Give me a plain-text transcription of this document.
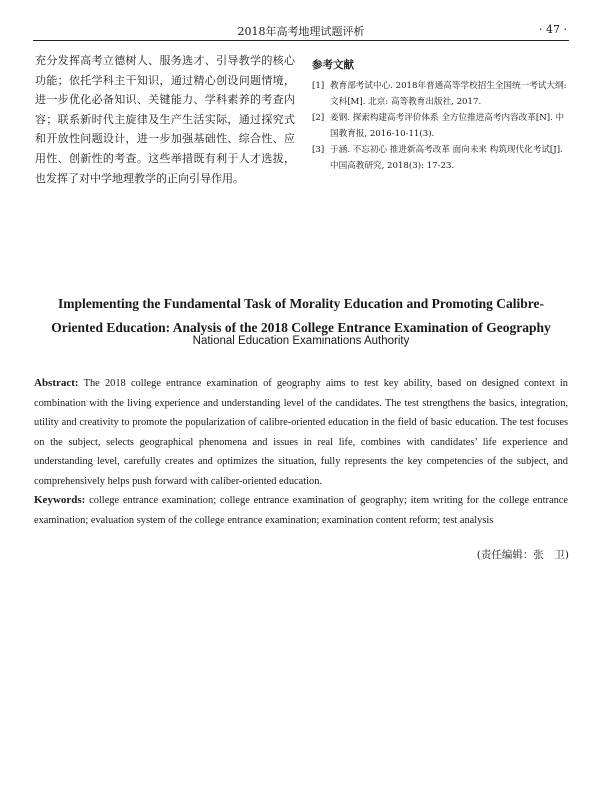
2018年高考地理试题评析	· 47 ·

充分发挥高考立德树人、服务选才、引导教学的核心功能；依托学科主干知识，通过精心创设问题情境，进一步优化必备知识、关键能力、学科素养的考查内容；联系新时代主旋律及生产生活实际，通过探究式和开放性问题设计，进一步加强基础性、综合性、应用性、创新性的考查。这些举措既有利于人才选拔，也发挥了对中学地理教学的正向引导作用。

参考文献
[1] 教育部考试中心. 2018年普通高等学校招生全国统一考试大纲: 文科[M]. 北京: 高等教育出版社, 2017.
[2] 姜钢. 探索构建高考评价体系 全方位推进高考内容改革[N]. 中国教育报, 2016-10-11(3).
[3] 于涵. 不忘初心 推进新高考改革 面向未来 构筑现代化考试[J]. 中国高教研究, 2018(3): 17-23.
Implementing the Fundamental Task of Morality Education and Promoting Calibre-
Oriented Education: Analysis of the 2018 College Entrance Examination of Geography
National Education Examinations Authority

Abstract: The 2018 college entrance examination of geography aims to test key ability, based on designed context in combination with the living experience and understanding level of the candidates. The test strengthens the basics, integration, utility and creativity to promote the popularization of calibre-oriented education in the field of basic education. The test focuses on the subject, selects geographical phenomena and issues in real life, combines with candidates’ life experience and understanding level, carefully creates and optimizes the situation, fully represents the key competencies of the subject, and comprehensively helps push forward with caliber-oriented education.

Keywords: college entrance examination; college entrance examination of geography; item writing for the college entrance examination; evaluation system of the college entrance examination; examination content reform; test analysis

(责任编辑：张　卫)
